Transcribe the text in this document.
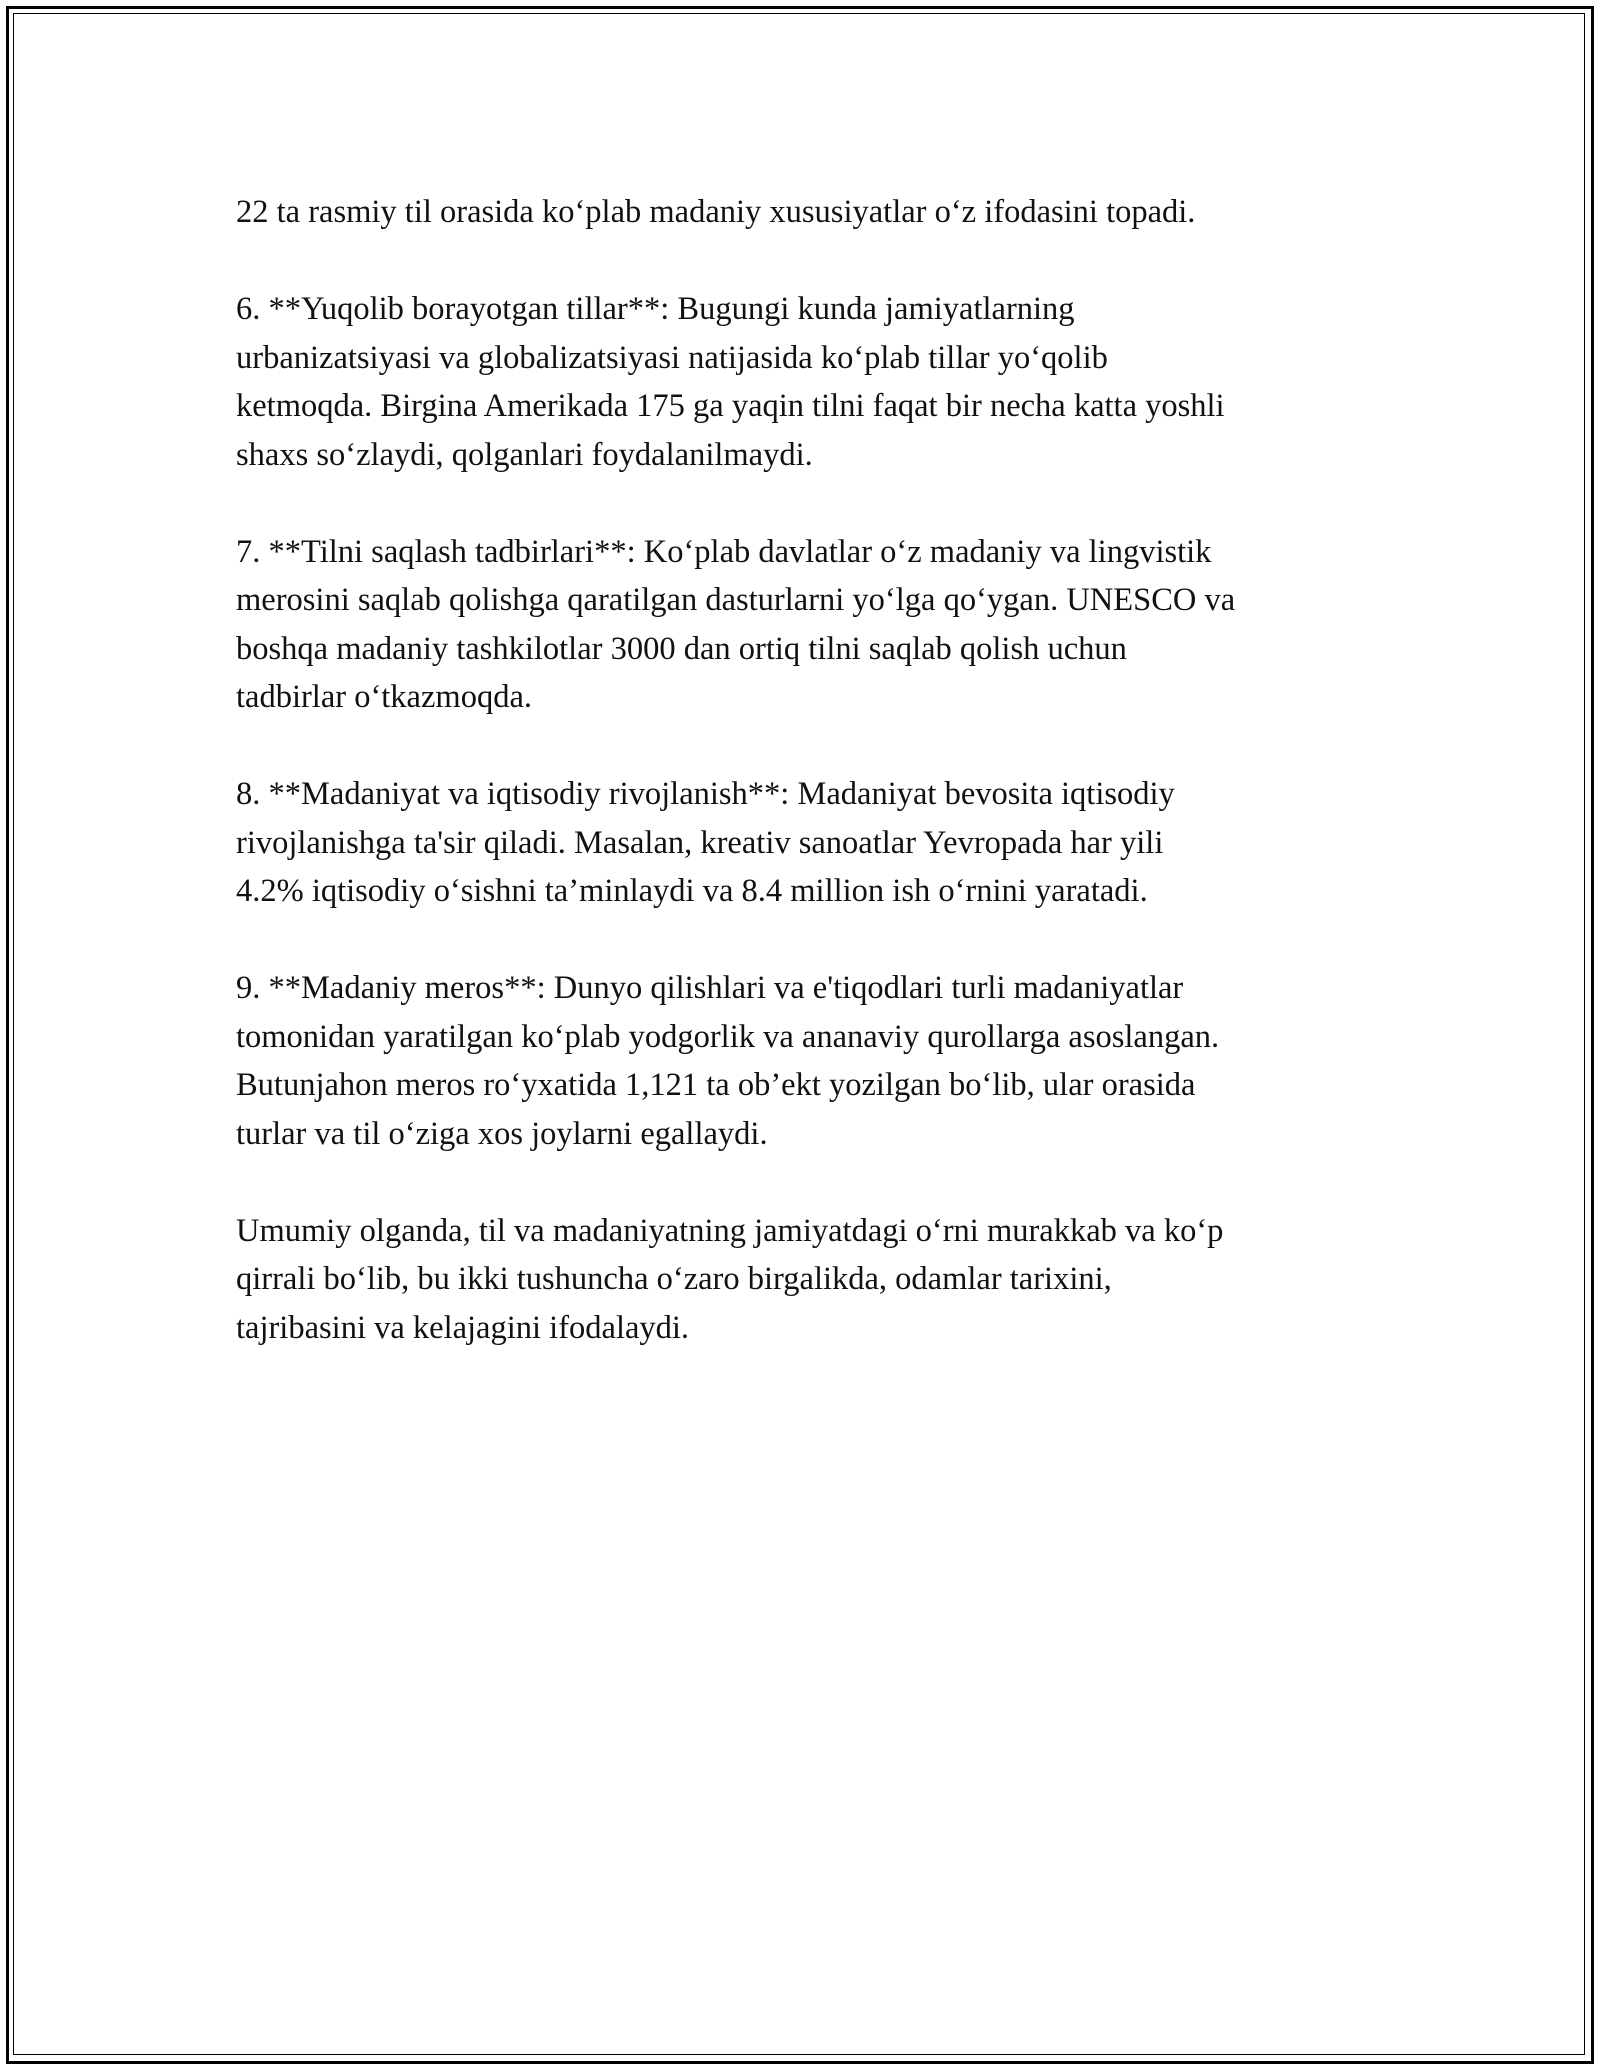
22 ta rasmiy til orasida ko‘plab madaniy xususiyatlar o‘z ifodasini topadi.

6. **Yuqolib borayotgan tillar**: Bugungi kunda jamiyatlarning
urbanizatsiyasi va globalizatsiyasi natijasida ko‘plab tillar yo‘qolib
ketmoqda. Birgina Amerikada 175 ga yaqin tilni faqat bir necha katta yoshli
shaxs so‘zlaydi, qolganlari foydalanilmaydi.

7. **Tilni saqlash tadbirlari**: Ko‘plab davlatlar o‘z madaniy va lingvistik
merosini saqlab qolishga qaratilgan dasturlarni yo‘lga qo‘ygan. UNESCO va
boshqa madaniy tashkilotlar 3000 dan ortiq tilni saqlab qolish uchun
tadbirlar o‘tkazmoqda.

8. **Madaniyat va iqtisodiy rivojlanish**: Madaniyat bevosita iqtisodiy
rivojlanishga ta'sir qiladi. Masalan, kreativ sanoatlar Yevropada har yili
4.2% iqtisodiy o‘sishni ta’minlaydi va 8.4 million ish o‘rnini yaratadi.

9. **Madaniy meros**: Dunyo qilishlari va e'tiqodlari turli madaniyatlar
tomonidan yaratilgan ko‘plab yodgorlik va ananaviy qurollarga asoslangan.
Butunjahon meros ro‘yxatida 1,121 ta ob’ekt yozilgan bo‘lib, ular orasida
turlar va til o‘ziga xos joylarni egallaydi.

Umumiy olganda, til va madaniyatning jamiyatdagi o‘rni murakkab va ko‘p
qirrali bo‘lib, bu ikki tushuncha o‘zaro birgalikda, odamlar tarixini,
tajribasini va kelajagini ifodalaydi.
